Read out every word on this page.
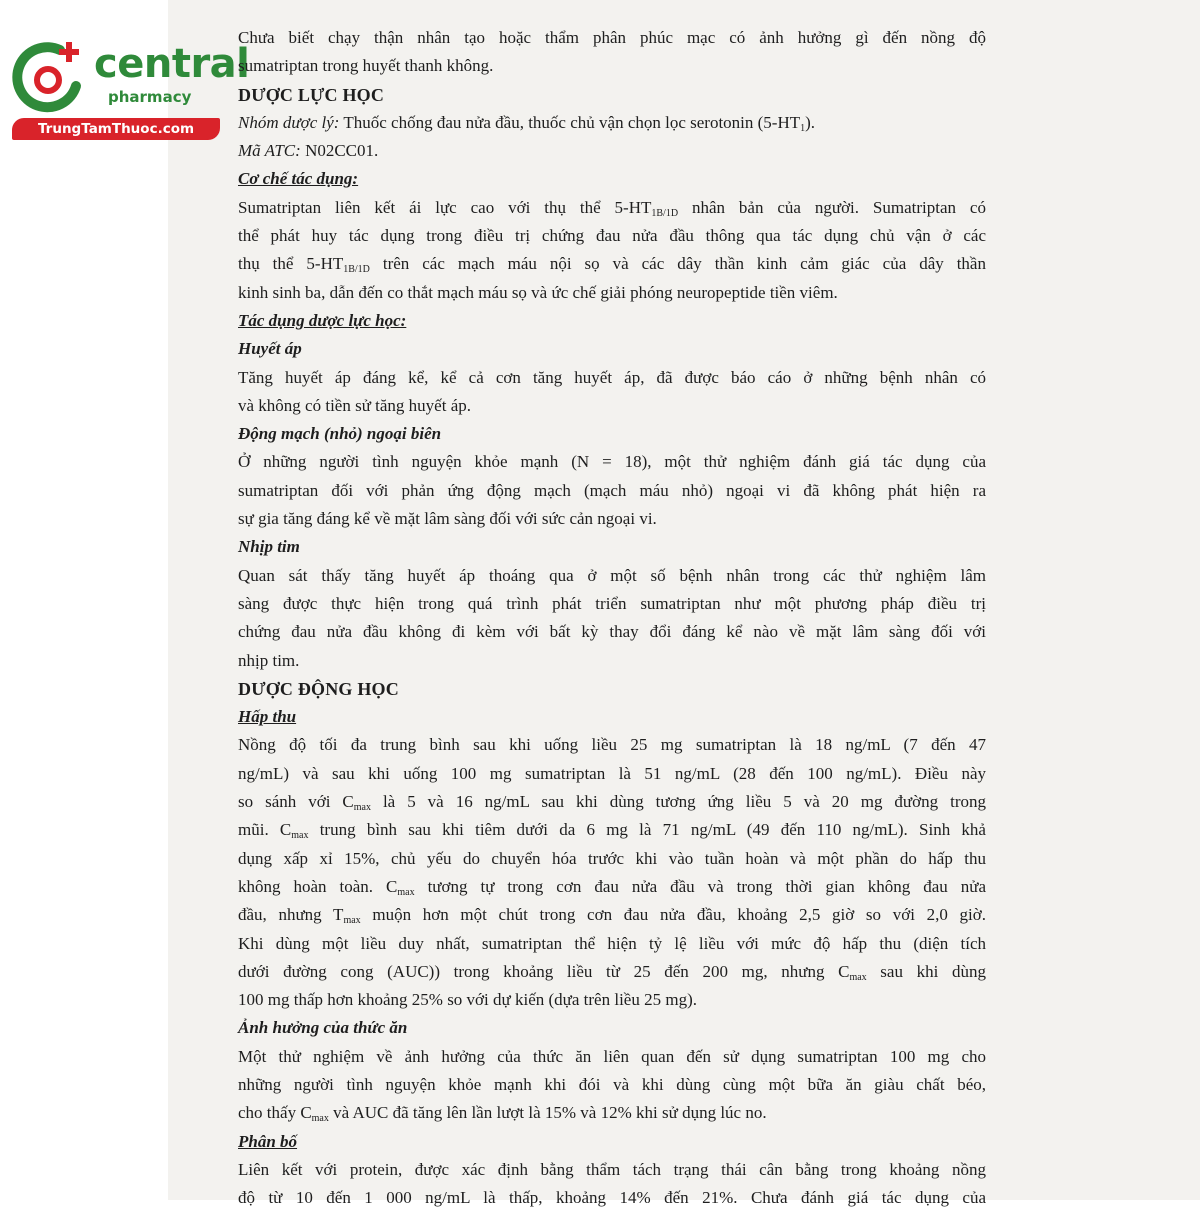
central
pharmacy
TrungTamThuoc.com

Chưa biết chạy thận nhân tạo hoặc thẩm phân phúc mạc có ảnh hưởng gì đến nồng độ
sumatriptan trong huyết thanh không.

DƯỢC LỰC HỌC

Nhóm dược lý: Thuốc chống đau nửa đầu, thuốc chủ vận chọn lọc serotonin $(5-HT_1)$.

Mã ATC: N02CC01.

Cơ chế tác dụng:

Sumatriptan liên kết ái lực cao với thụ thể $5-HT_{1B/1D}$ nhân bản của người. Sumatriptan có
thể phát huy tác dụng trong điều trị chứng đau nửa đầu thông qua tác dụng chủ vận ở các
thụ thể $5-HT_{1B/1D}$ trên các mạch máu nội sọ và các dây thần kinh cảm giác của dây thần
kinh sinh ba, dẫn đến co thắt mạch máu sọ và ức chế giải phóng neuropeptide tiền viêm.

Tác dụng dược lực học:
Huyết áp

Tăng huyết áp đáng kể, kể cả cơn tăng huyết áp, đã được báo cáo ở những bệnh nhân có
và không có tiền sử tăng huyết áp.

Động mạch (nhỏ) ngoại biên

Ở những người tình nguyện khỏe mạnh (N = 18), một thử nghiệm đánh giá tác dụng của
sumatriptan đối với phản ứng động mạch (mạch máu nhỏ) ngoại vi đã không phát hiện ra
sự gia tăng đáng kể về mặt lâm sàng đối với sức cản ngoại vi.

Nhịp tim

Quan sát thấy tăng huyết áp thoáng qua ở một số bệnh nhân trong các thử nghiệm lâm
sàng được thực hiện trong quá trình phát triển sumatriptan như một phương pháp điều trị
chứng đau nửa đầu không đi kèm với bất kỳ thay đổi đáng kể nào về mặt lâm sàng đối với
nhịp tim.

DƯỢC ĐỘNG HỌC
Hấp thu

Nồng độ tối đa trung bình sau khi uống liều 25 mg sumatriptan là 18 ng/mL (7 đến 47
ng/mL) và sau khi uống 100 mg sumatriptan là 51 ng/mL (28 đến 100 ng/mL). Điều này
so sánh với $C_{max}$ là 5 và 16 ng/mL sau khi dùng tương ứng liều 5 và 20 mg đường trong
mũi. $C_{max}$ trung bình sau khi tiêm dưới da 6 mg là 71 ng/mL (49 đến 110 ng/mL). Sinh khả
dụng xấp xỉ 15%, chủ yếu do chuyển hóa trước khi vào tuần hoàn và một phần do hấp thu
không hoàn toàn. $C_{max}$ tương tự trong cơn đau nửa đầu và trong thời gian không đau nửa
đầu, nhưng $T_{max}$ muộn hơn một chút trong cơn đau nửa đầu, khoảng 2,5 giờ so với 2,0 giờ.
Khi dùng một liều duy nhất, sumatriptan thể hiện tỷ lệ liều với mức độ hấp thu (diện tích
dưới đường cong (AUC)) trong khoảng liều từ 25 đến 200 mg, nhưng $C_{max}$ sau khi dùng
100 mg thấp hơn khoảng 25% so với dự kiến (dựa trên liều 25 mg).

Ảnh hưởng của thức ăn

Một thử nghiệm về ảnh hưởng của thức ăn liên quan đến sử dụng sumatriptan 100 mg cho
những người tình nguyện khỏe mạnh khi đói và khi dùng cùng một bữa ăn giàu chất béo,
cho thấy $C_{max}$ và AUC đã tăng lên lần lượt là 15% và 12% khi sử dụng lúc no.

Phân bố

Liên kết với protein, được xác định bằng thẩm tách trạng thái cân bằng trong khoảng nồng
độ từ 10 đến 1 000 ng/mL là thấp, khoảng 14% đến 21%. Chưa đánh giá tác dụng của
